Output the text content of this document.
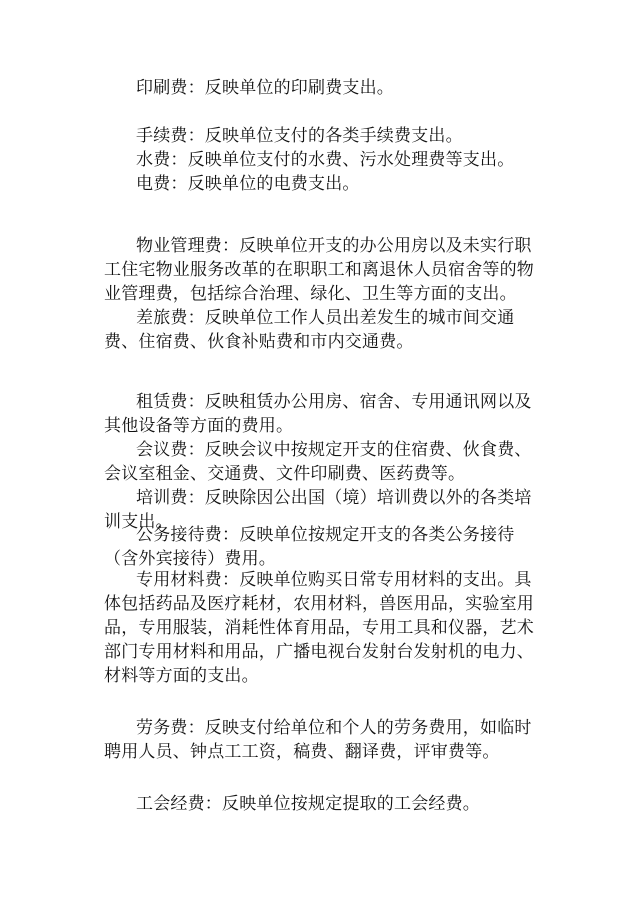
印刷费：反映单位的印刷费支出。

手续费：反映单位支付的各类手续费支出。

水费：反映单位支付的水费、污水处理费等支出。

电费：反映单位的电费支出。

物业管理费：反映单位开支的办公用房以及未实行职工住宅物业服务改革的在职职工和离退休人员宿舍等的物业管理费，包括综合治理、绿化、卫生等方面的支出。

差旅费：反映单位工作人员出差发生的城市间交通费、住宿费、伙食补贴费和市内交通费。

租赁费：反映租赁办公用房、宿舍、专用通讯网以及其他设备等方面的费用。

会议费：反映会议中按规定开支的住宿费、伙食费、会议室租金、交通费、文件印刷费、医药费等。

培训费：反映除因公出国（境）培训费以外的各类培训支出。

公务接待费：反映单位按规定开支的各类公务接待（含外宾接待）费用。

专用材料费：反映单位购买日常专用材料的支出。具体包括药品及医疗耗材，农用材料，兽医用品，实验室用品，专用服装，消耗性体育用品，专用工具和仪器，艺术部门专用材料和用品，广播电视台发射台发射机的电力、材料等方面的支出。

劳务费：反映支付给单位和个人的劳务费用，如临时聘用人员、钟点工工资，稿费、翻译费，评审费等。

工会经费：反映单位按规定提取的工会经费。
